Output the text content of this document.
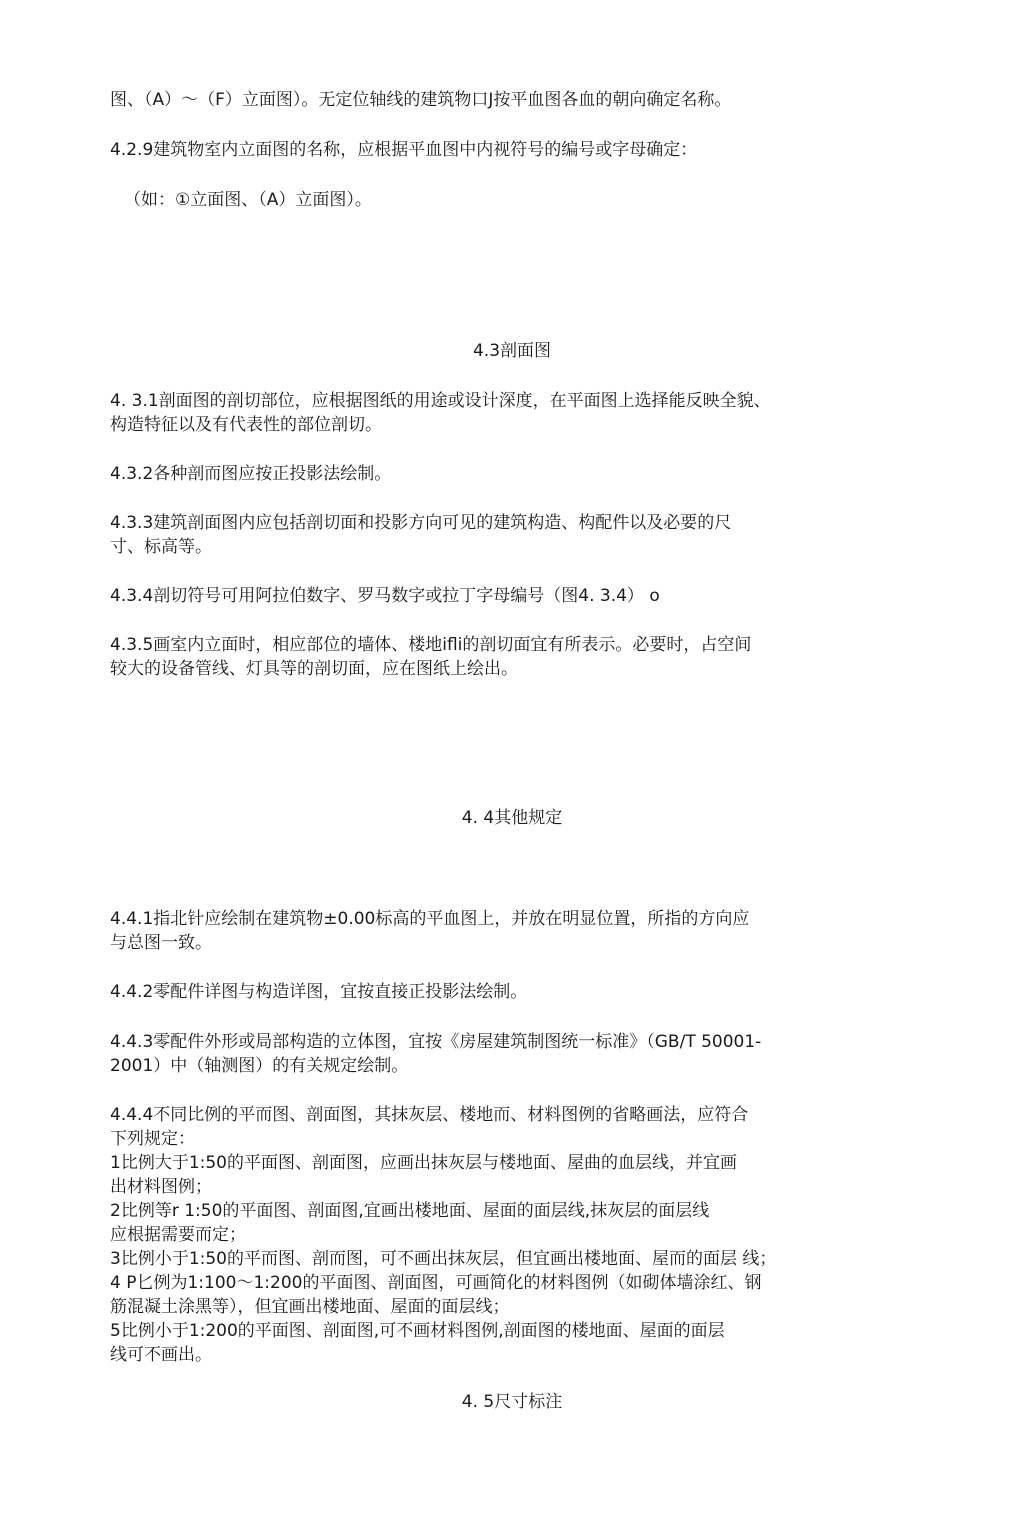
图、（A）～（F）立面图）。无定位轴线的建筑物口J按平血图各血的朝向确定名称。
4.2.9建筑物室内立面图的名称，应根据平血图中内视符号的编号或字母确定：
（如：①立面图、（A）立面图）。
4.3剖面图
4. 3.1剖面图的剖切部位，应根据图纸的用途或设计深度，在平面图上选择能反映全貌、
构造特征以及有代表性的部位剖切。
4.3.2各种剖而图应按正投影法绘制。
4.3.3建筑剖面图内应包括剖切面和投影方向可见的建筑构造、构配件以及必要的尺
寸、标高等。
4.3.4剖切符号可用阿拉伯数字、罗马数字或拉丁字母编号（图4. 3.4） o
4.3.5画室内立面时，相应部位的墙体、楼地ifli的剖切面宜有所表示。必要时，占空间
较大的设备管线、灯具等的剖切面，应在图纸上绘出。
4. 4其他规定
4.4.1指北针应绘制在建筑物±0.00标高的平血图上，并放在明显位置，所指的方向应
与总图一致。
4.4.2零配件详图与构造详图，宜按直接正投影法绘制。
4.4.3零配件外形或局部构造的立体图，宜按《房屋建筑制图统一标准》（GB/T 50001-
2001）中（轴测图）的有关规定绘制。
4.4.4不同比例的平而图、剖面图，其抹灰层、楼地而、材料图例的省略画法，应符合
下列规定：
1比例大于1:50的平面图、剖面图，应画出抹灰层与楼地面、屋曲的血层线，并宜画
出材料图例；
2比例等r 1:50的平面图、剖面图,宜画出楼地面、屋面的面层线,抹灰层的面层线
应根据需要而定；
3比例小于1:50的平而图、剖而图，可不画出抹灰层，但宜画出楼地面、屋而的面层 线；
4 P匕例为1:100～1:200的平面图、剖面图，可画简化的材料图例（如砌体墙涂红、钢
筋混凝土涂黑等），但宜画出楼地面、屋面的面层线；
5比例小于1:200的平面图、剖面图,可不画材料图例,剖面图的楼地面、屋面的面层
线可不画出。
4. 5尺寸标注
